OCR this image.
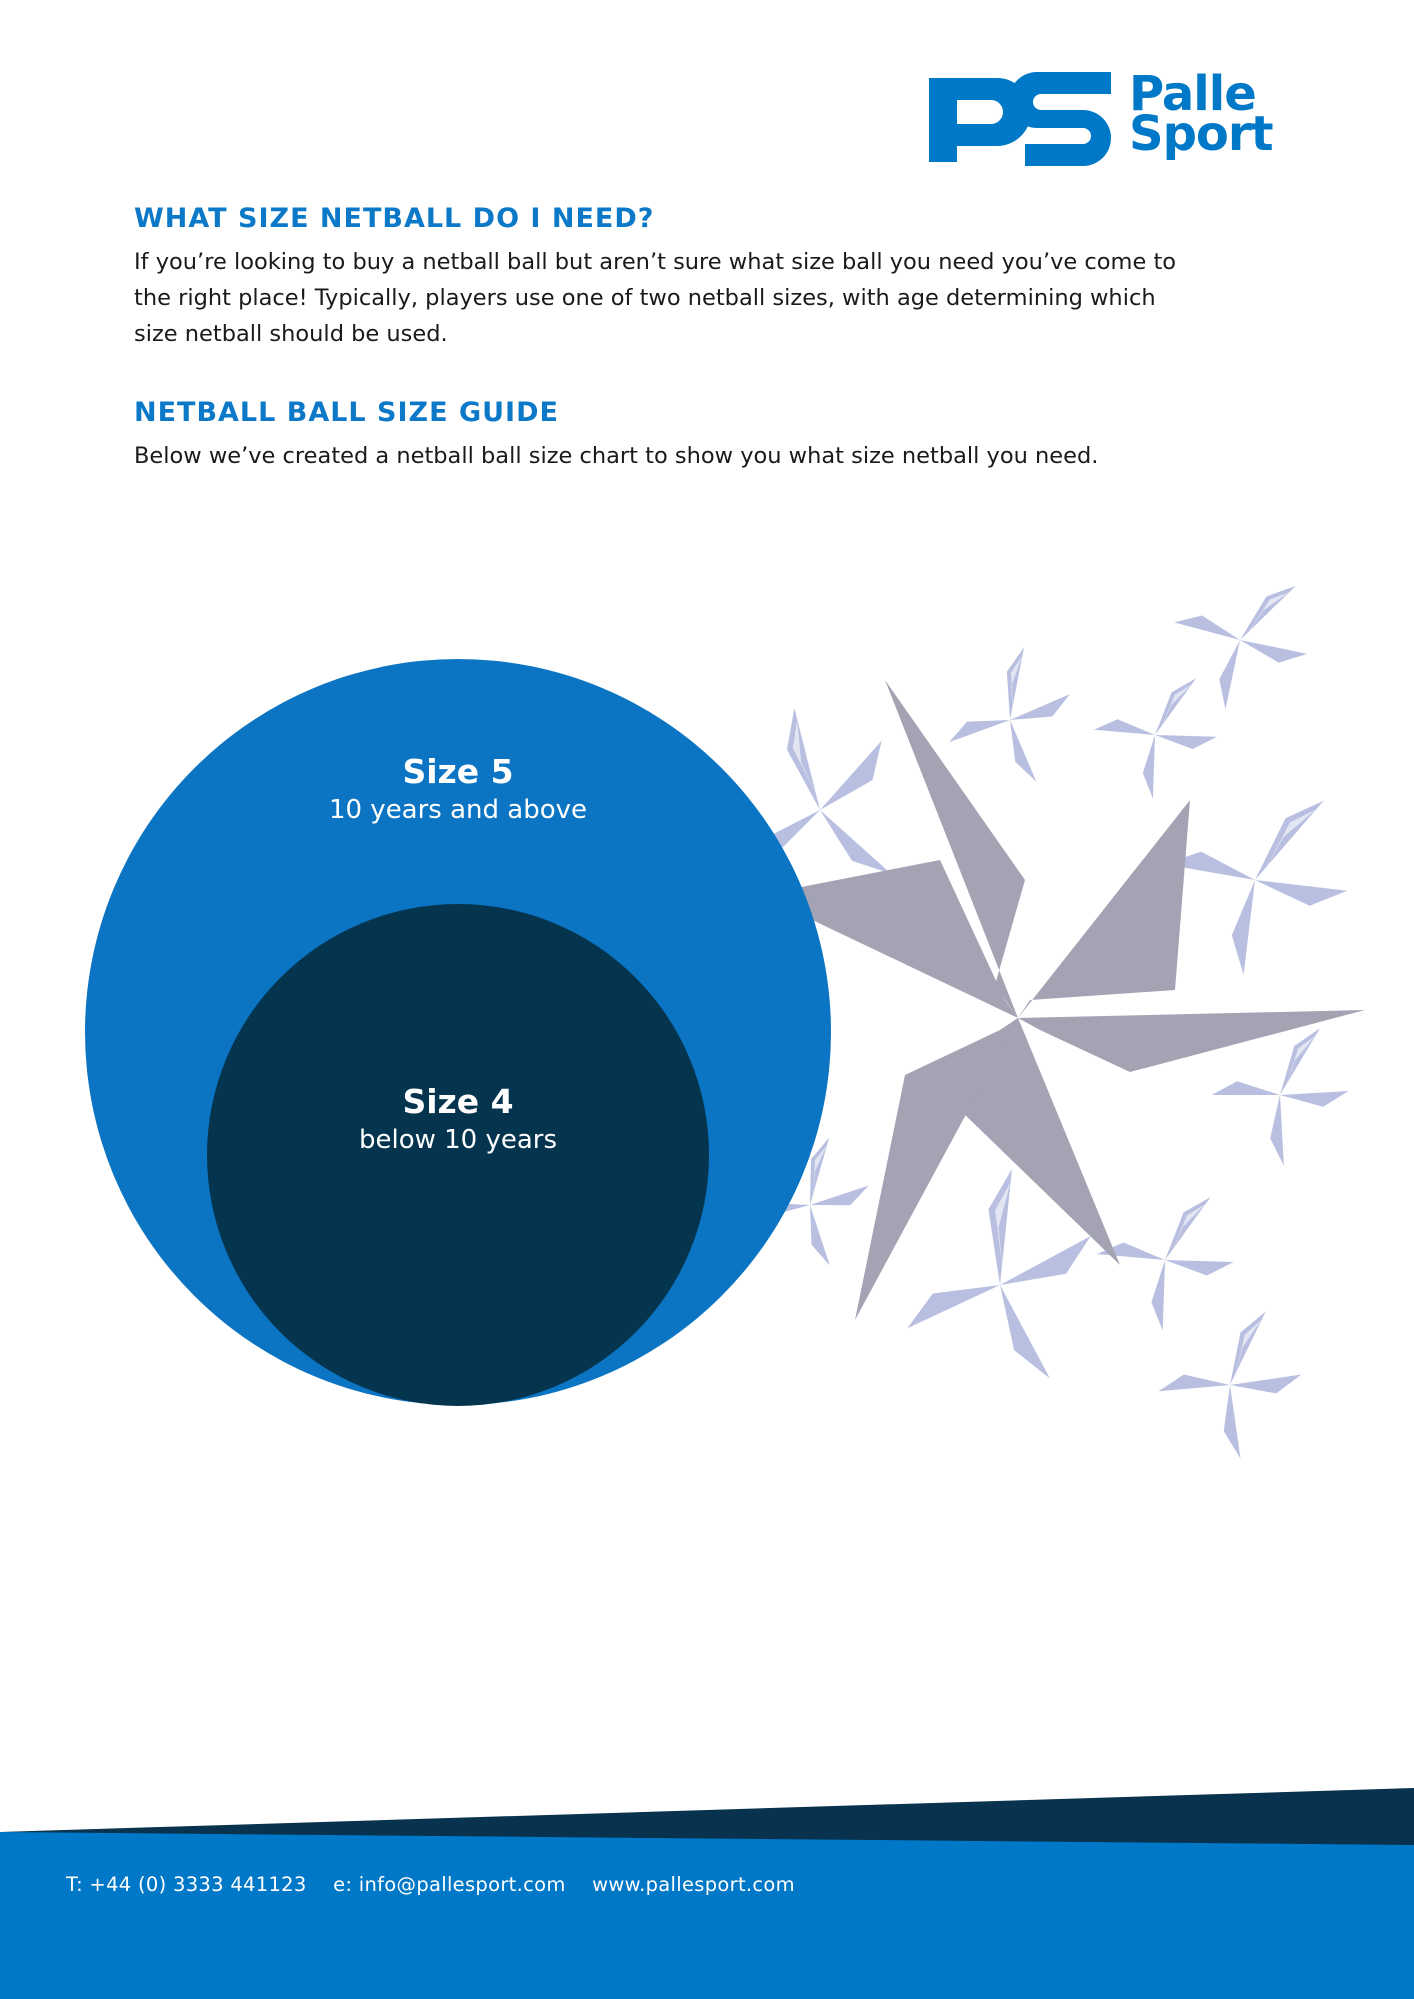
Palle
Sport
WHAT SIZE NETBALL DO I NEED?
If you’re looking to buy a netball ball but aren’t sure what size ball you need you’ve come to
the right place! Typically, players use one of two netball sizes, with age determining which
size netball should be used.
NETBALL BALL SIZE GUIDE
Below we’ve created a netball ball size chart to show you what size netball you need.
Size 5
10 years and above
Size 4
below 10 years
T: +44 (0) 3333 441123 e: info@pallesport.com www.pallesport.com
